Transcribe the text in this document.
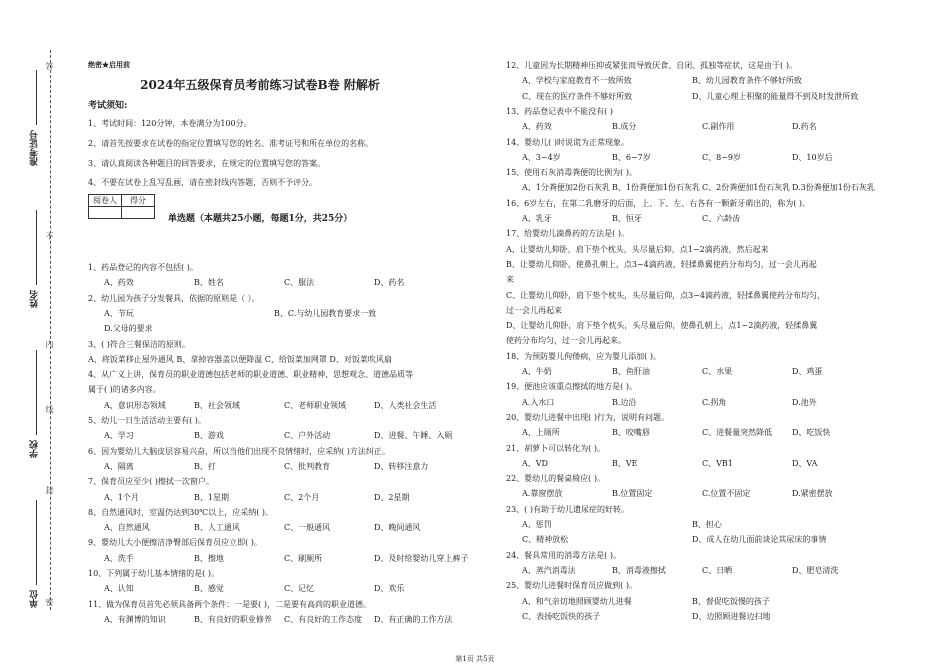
准考证号
姓名
学校
单位
答
不
内
线
封
密
绝密★启用前
2024年五级保育员考前练习试卷B卷 附解析
考试须知:
1、考试时间：120分钟，本卷满分为100分。
2、请首先按要求在试卷的指定位置填写您的姓名、准考证号和所在单位的名称。
3、请认真阅读各种题目的回答要求，在规定的位置填写您的答案。
4、不要在试卷上乱写乱画，请在密封线内答题，否则不予评分。
阅卷人	得分

单选题（本题共25小题，每题1分，共25分）
1、药品登记的内容不包括( )。
A、药效	B、姓名	C、服法	D、药名
2、幼儿园为孩子分发餐具，依据的原则是（ ）。
A、节玩	B、C.与幼儿园教育要求一致
D.父母的要求
3、( )符合三餐保洁的原则。
A、将饭菜移止屋外通风 B、拿掉容器盖以便降温 C、给饭菜加网罩 D、对饭菜吹风扇
4、从广义上讲，保育员的职业道德包括老师的职业道德、职业精神、思想观念、道德品质等
属于( )的诸多内容。
A、意识形态领域	B、社会领域	C、老师职业领域	D、人类社会生活
5、幼儿一日生活活动主要有( )。
A、学习	B、游戏	C、户外活动	D、进餐、午睡、入厕
6、因为婴幼儿大脑皮层容易兴奋，所以当他们出现不良情绪时，应采纳( )方法纠正。
A、隔离	B、打	C、批判教育	D、转移注意力
7、保育员应至少( )擦拭一次窗户。
A、1个月	B、1星期	C、2个月	D、2星期
8、自然通风时，室温仍达到30℃以上，应采纳( )。
A、自然通风	B、人工通风	C、一般通风	D、晚间通风
9、婴幼儿大小便擦洁净臀部后保育员应立即( )。
A、洗手	B、擦地	C、刷厕所	D、及时给婴幼儿穿上裤子
10、下列属于幼儿基本情绪的是( )。
A、认知	B、感觉	C、记忆	D、欢乐
11、做为保育员首先必须具备两个条件：一是要( )，二是要有高尚的职业道德。
A、有渊博的知识	B、有良好的职业修养 C、有良好的工作态度 D、有正确的工作方法
12、儿童因为长期精神压抑或紧张而导致厌食、自闭、孤独等症状，这是由于( )。
A、学校与家庭教育不一致所致	B、幼儿园教育条件不够好所致
C、现在的医疗条件不够好所致	D、儿童心理上积聚的能量得不到及时发泄所致
13、药品登记表中不能没有( )
A、药效	B.成分	C.副作用	D.药名
14、婴幼儿( )时说谎为正常现象。
A、3~4岁	B、6~7岁	C、8~9岁	D、10岁后
15、使用石灰消毒粪便的比例为( )。
A、1分粪便加2份石灰乳 B、1份粪便加1份石灰乳 C、2份粪便加1份石灰乳 D.3份粪便加1份石灰乳
16、6岁左右，在第二乳磨牙的后面，上、下、左、右各有一颗新牙萌出的，称为( )。
A、乳牙	B、恒牙	C、六龄齿
17、给婴幼儿滴鼻药的方法是( )。
A、让婴幼儿仰卧，肩下垫个枕头，头尽量后仰，点1~2滴药液，然后起来
B、让婴幼儿仰卧，使鼻孔朝上，点3~4滴药液，轻揉鼻翼使药分布均匀，过一会儿再起
来
C、让婴幼儿仰卧，肩下垫个枕头，头尽量后仰，点3~4滴药液，轻揉鼻翼使药分布均匀，
过一会儿再起来
D、让婴幼儿仰卧，肩下垫个枕头，头尽量后仰，使鼻孔朝上，点1~2滴药液，轻揉鼻翼
使药分布均匀，过一会儿再起来。
18、为预防婴儿佝偻病，应为婴儿添加( )。
A、牛奶	B、鱼肝油	C、水果	D、鸡蛋
19、便池应该重点擦拭的地方是( )。
A.入水口	B.边沿	C.拐角	D.池外
20、婴幼儿进餐中出现( )行为，说明有问题。
A、上厕所	B、咬嘴唇	C、进餐量突然降低 D、吃饭快
21、胡萝卜可以转化为( )。
A、VD	B、VE	C、VB1	D、VA
22、婴幼儿的餐桌椅应( )。
A.靠窗摆放	B.位置固定	C.位置不固定	D.紧密摆放
23、( )有助于幼儿遗尿症的好转。
A、惩罚	B、担心
C、精神放松	D、成人在幼儿面前谈论其尿床的事情
24、餐具常用的消毒方法是( )。
A、蒸汽消毒法	B、消毒液擦拭	C、日晒	D、肥皂清洗
25、婴幼儿进餐时保育员应做到( )。
A、和气亲切地照顾婴幼儿进餐	B、督促吃饭慢的孩子
C、表扬吃饭快的孩子	D、边照顾进餐边扫地
第1页 共5页
